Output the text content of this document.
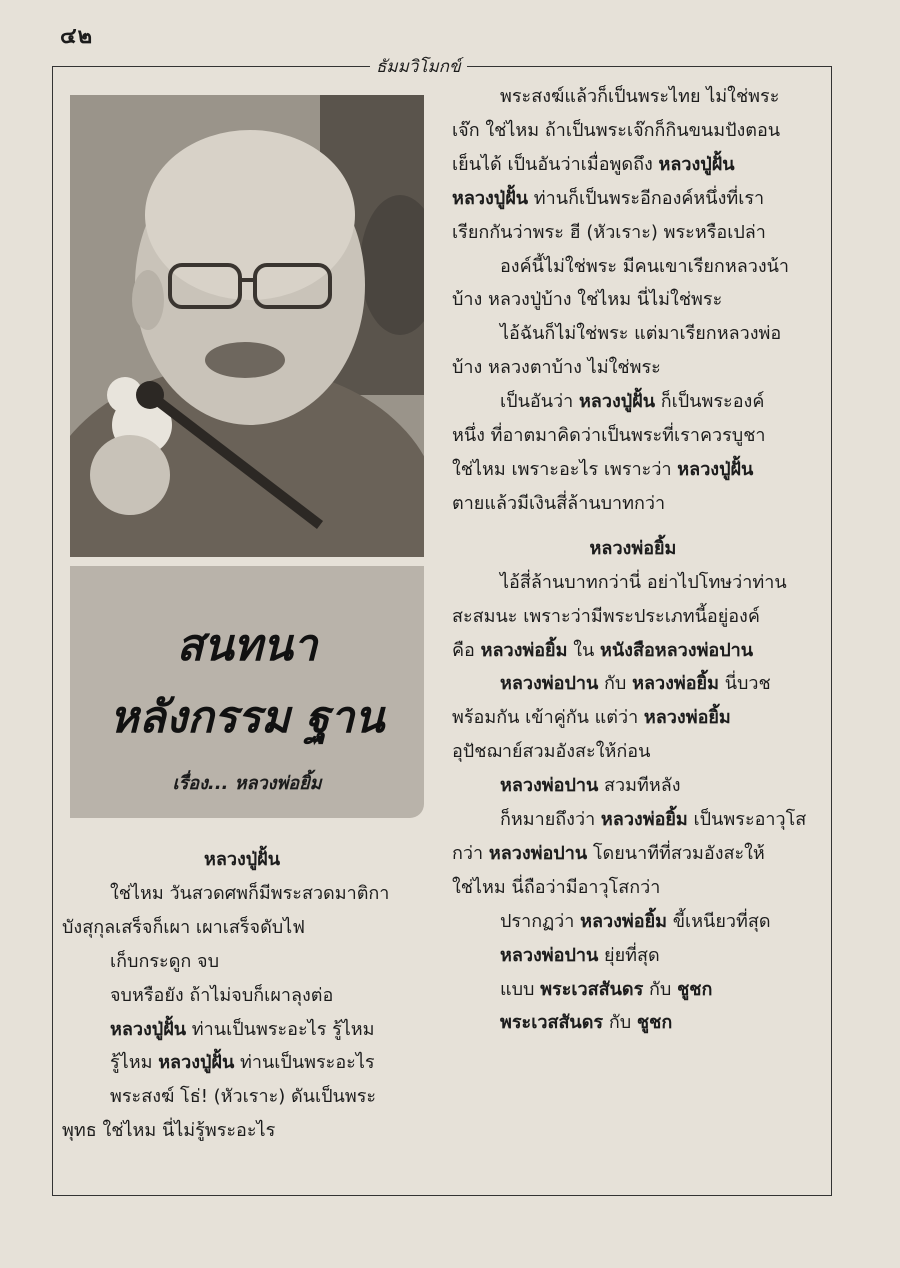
๔๒
ธัมมวิโมกข์
สนทนา
หลังกรรม ฐาน
เรื่อง... หลวงพ่อยิ้ม

หลวงปู่ฝั้น

ใช่ไหม วันสวดศพก็มีพระสวดมาติกา

บังสุกุลเสร็จก็เผา เผาเสร็จดับไฟ

เก็บกระดูก จบ

จบหรือยัง ถ้าไม่จบก็เผาลุงต่อ

หลวงปู่ฝั้น ท่านเป็นพระอะไร รู้ไหม

รู้ไหม หลวงปู่ฝั้น ท่านเป็นพระอะไร

พระสงฆ์ โธ่! (หัวเราะ) ดันเป็นพระ

พุทธ ใช่ไหม นี่ไม่รู้พระอะไร

พระสงฆ์แล้วก็เป็นพระไทย ไม่ใช่พระ

เจ๊ก ใช่ไหม ถ้าเป็นพระเจ๊กก็กินขนมปังตอน

เย็นได้ เป็นอันว่าเมื่อพูดถึง หลวงปู่ฝั้น

หลวงปู่ฝั้น ท่านก็เป็นพระอีกองค์หนึ่งที่เรา

เรียกกันว่าพระ ฮี (หัวเราะ) พระหรือเปล่า

องค์นี้ไม่ใช่พระ มีคนเขาเรียกหลวงน้า

บ้าง หลวงปู่บ้าง ใช่ไหม นี่ไม่ใช่พระ

ไอ้ฉันก็ไม่ใช่พระ แต่มาเรียกหลวงพ่อ

บ้าง หลวงตาบ้าง ไม่ใช่พระ

เป็นอันว่า หลวงปู่ฝั้น ก็เป็นพระองค์

หนึ่ง ที่อาตมาคิดว่าเป็นพระที่เราควรบูชา

ใช่ไหม เพราะอะไร เพราะว่า หลวงปู่ฝั้น

ตายแล้วมีเงินสี่ล้านบาทกว่า

หลวงพ่อยิ้ม

ไอ้สี่ล้านบาทกว่านี่ อย่าไปโทษว่าท่าน

สะสมนะ เพราะว่ามีพระประเภทนี้อยู่องค์

คือ หลวงพ่อยิ้ม ใน หนังสือหลวงพ่อปาน

หลวงพ่อปาน กับ หลวงพ่อยิ้ม นี่บวช

พร้อมกัน เข้าคู่กัน แต่ว่า หลวงพ่อยิ้ม

อุปัชฌาย์สวมอังสะให้ก่อน

หลวงพ่อปาน สวมทีหลัง

ก็หมายถึงว่า หลวงพ่อยิ้ม เป็นพระอาวุโส

กว่า หลวงพ่อปาน โดยนาทีที่สวมอังสะให้

ใช่ไหม นี่ถือว่ามีอาวุโสกว่า

ปรากฏว่า หลวงพ่อยิ้ม ขี้เหนียวที่สุด

หลวงพ่อปาน ยุ่ยที่สุด

แบบ พระเวสสันดร กับ ชูชก

พระเวสสันดร กับ ชูชก
